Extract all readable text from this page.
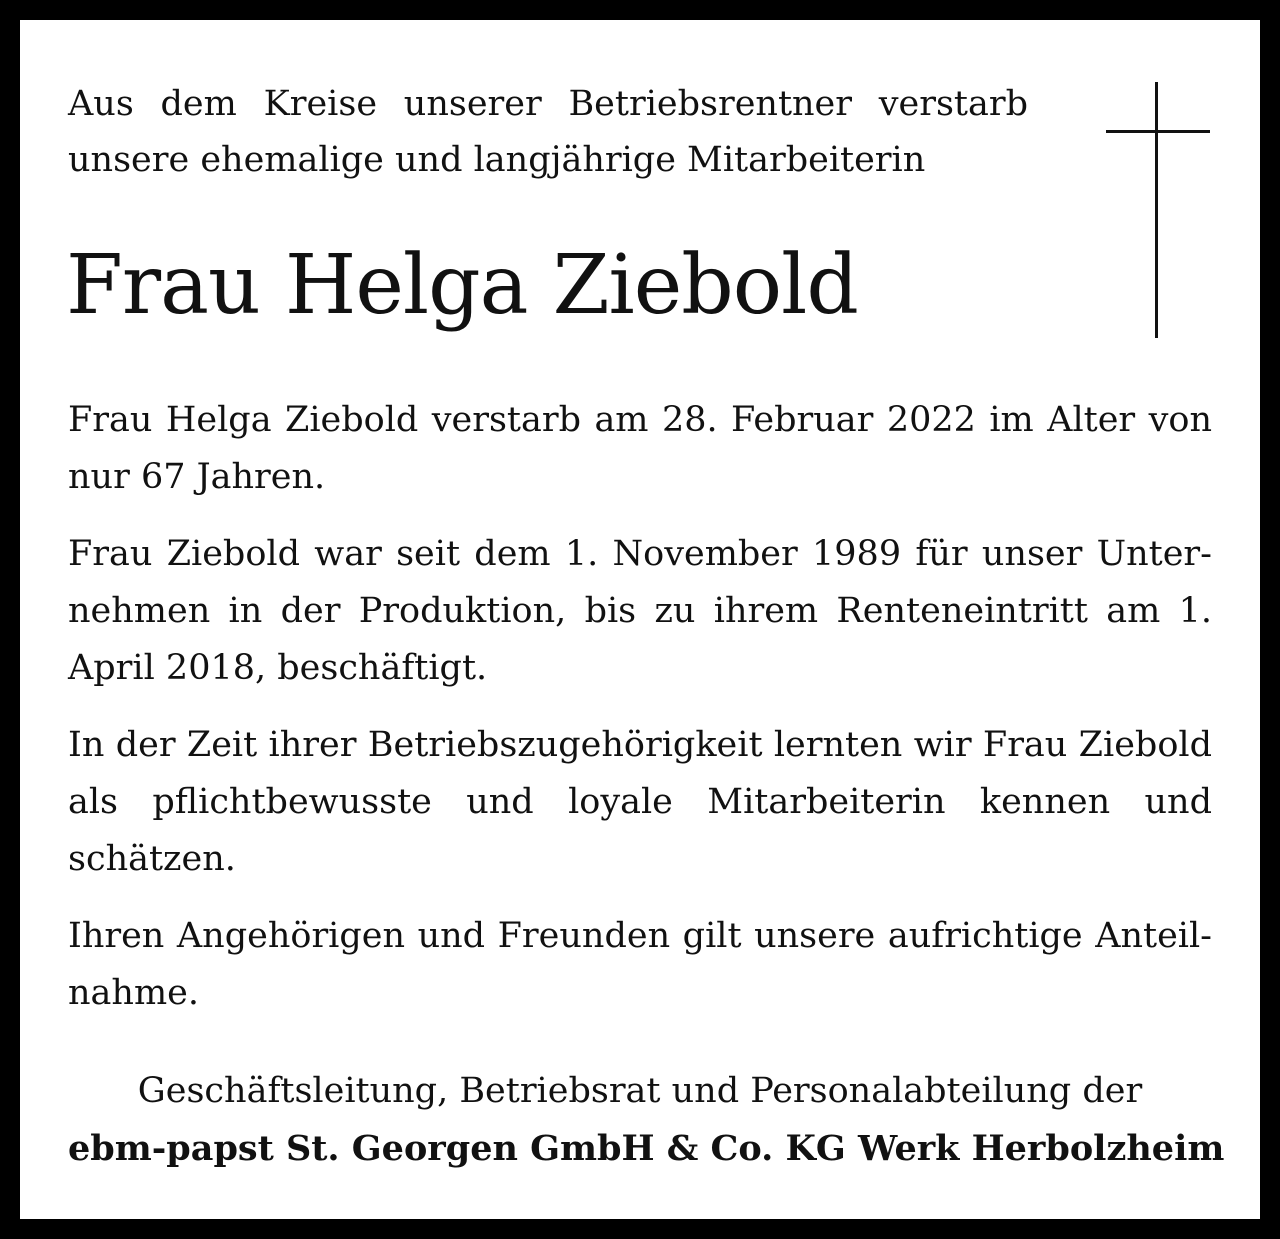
Aus dem Kreise unserer Betriebsrentner verstarb
unsere ehemalige und langjährige Mitarbeiterin
Frau Helga Ziebold

Frau Helga Ziebold verstarb am 28. Februar 2022 im Alter von nur 67 Jahren.

Frau Ziebold war seit dem 1. November 1989 für unser Unternehmen in der Produktion, bis zu ihrem Renteneintritt am 1. April 2018, beschäftigt.

In der Zeit ihrer Betriebszugehörigkeit lernten wir Frau Ziebold als pflichtbewusste und loyale Mitarbeiterin kennen und schätzen.

Ihren Angehörigen und Freunden gilt unsere aufrichtige Anteilnahme.

Geschäftsleitung, Betriebsrat und Personalabteilung der
ebm-papst St. Georgen GmbH & Co. KG Werk Herbolzheim
